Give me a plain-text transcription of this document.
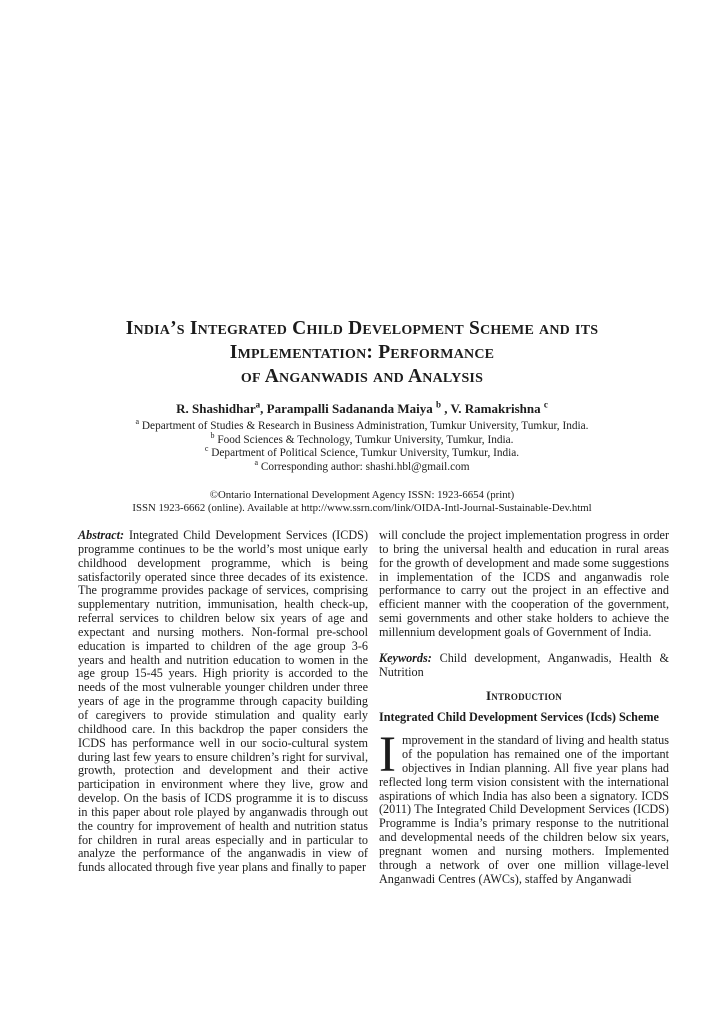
India’s Integrated Child Development Scheme and its
Implementation: Performance
of Anganwadis and Analysis
R. Shashidhar$^a$, Parampalli Sadananda Maiya $^b$ , V. Ramakrishna $^c$
$^a$ Department of Studies & Research in Business Administration, Tumkur University, Tumkur, India.
$^b$ Food Sciences & Technology, Tumkur University, Tumkur, India.
$^c$ Department of Political Science, Tumkur University, Tumkur, India.
$^a$ Corresponding author: shashi.hbl@gmail.com
©Ontario International Development Agency ISSN: 1923-6654 (print)
ISSN 1923-6662 (online). Available at http://www.ssrn.com/link/OIDA-Intl-Journal-Sustainable-Dev.html

Abstract: Integrated Child Development Services (ICDS) programme continues to be the world’s most unique early childhood development programme, which is being satisfactorily operated since three decades of its existence. The programme provides package of services, comprising supplementary nutrition, immunisation, health check-up, referral services to children below six years of age and expectant and nursing mothers. Non-formal pre-school education is imparted to children of the age group 3-6 years and health and nutrition education to women in the age group 15-45 years. High priority is accorded to the needs of the most vulnerable younger children under three years of age in the programme through capacity building of caregivers to provide stimulation and quality early childhood care. In this backdrop the paper considers the ICDS has performance well in our socio-cultural system during last few years to ensure children’s right for survival, growth, protection and development and their active participation in environment where they live, grow and develop. On the basis of ICDS programme it is to discuss in this paper about role played by anganwadis through out the country for improvement of health and nutrition status for children in rural areas especially and in particular to analyze the performance of the anganwadis in view of funds allocated through five year plans and finally to paper

will conclude the project implementation progress in order to bring the universal health and education in rural areas for the growth of development and made some suggestions in implementation of the ICDS and anganwadis role performance to carry out the project in an effective and efficient manner with the cooperation of the government, semi governments and other stake holders to achieve the millennium development goals of Government of India.

Keywords: Child development, Anganwadis, Health & Nutrition

Introduction
Integrated Child Development Services (Icds) Scheme

Improvement in the standard of living and health status of the population has remained one of the important objectives in Indian planning. All five year plans had reflected long term vision consistent with the international aspirations of which India has also been a signatory. ICDS (2011) The Integrated Child Development Services (ICDS) Programme is India’s primary response to the nutritional and developmental needs of the children below six years, pregnant women and nursing mothers. Implemented through a network of over one million village-level Anganwadi Centres (AWCs), staffed by Anganwadi
